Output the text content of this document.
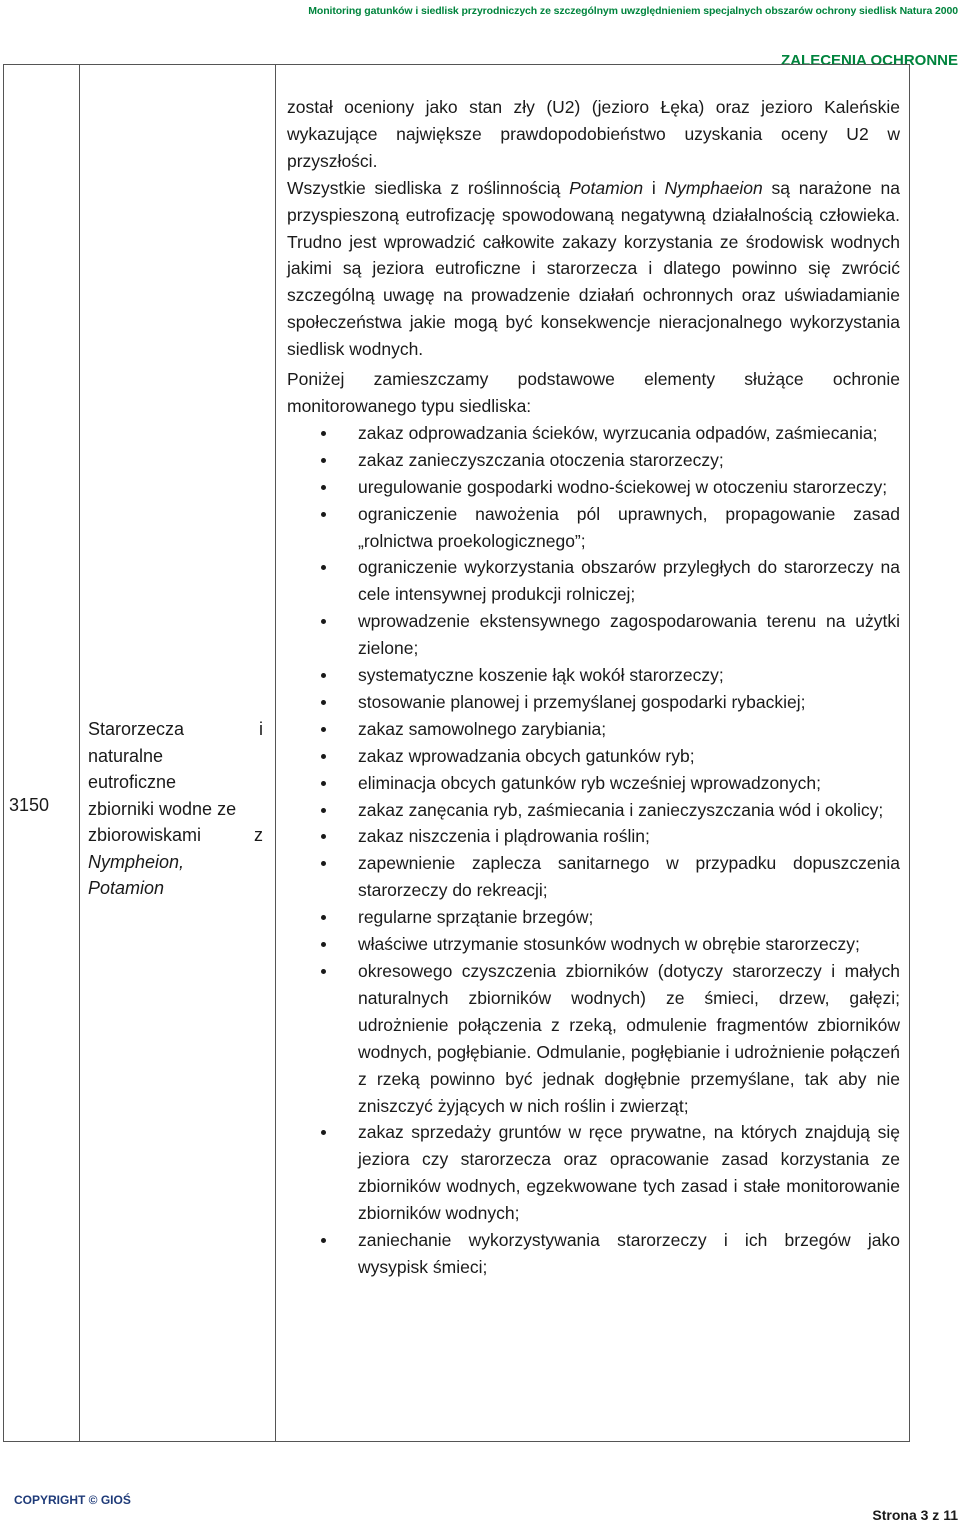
Monitoring gatunków i siedlisk przyrodniczych ze szczególnym uwzględnieniem specjalnych obszarów ochrony siedlisk Natura 2000
ZALECENIA OCHRONNE
3150
Starorzecza	i
naturalne
eutroficzne
zbiorniki wodne ze
zbiorowiskami	z
Nympheion,
Potamion

został oceniony jako stan zły (U2) (jezioro Łęka) oraz jezioro Kaleńskie wykazujące największe prawdopodobieństwo uzyskania oceny U2 w przyszłości.

Wszystkie siedliska z roślinnością Potamion i Nymphaeion są narażone na przyspieszoną eutrofizację spowodowaną negatywną działalnością człowieka. Trudno jest wprowadzić całkowite zakazy korzystania ze środowisk wodnych jakimi są jeziora eutroficzne i starorzecza i dlatego powinno się zwrócić szczególną uwagę na prowadzenie działań ochronnych oraz uświadamianie społeczeństwa jakie mogą być konsekwencje nieracjonalnego wykorzystania siedlisk wodnych.

Poniżej zamieszczamy podstawowe elementy służące ochronie monitorowanego typu siedliska:

zakaz odprowadzania ścieków, wyrzucania odpadów, zaśmiecania;
zakaz zanieczyszczania otoczenia starorzeczy;
uregulowanie gospodarki wodno-ściekowej w otoczeniu starorzeczy;
ograniczenie nawożenia pól uprawnych, propagowanie zasad „rolnictwa proekologicznego”;
ograniczenie wykorzystania obszarów przyległych do starorzeczy na cele intensywnej produkcji rolniczej;
wprowadzenie ekstensywnego zagospodarowania terenu na użytki zielone;
systematyczne koszenie łąk wokół starorzeczy;
stosowanie planowej i przemyślanej gospodarki rybackiej;
zakaz samowolnego zarybiania;
zakaz wprowadzania obcych gatunków ryb;
eliminacja obcych gatunków ryb wcześniej wprowadzonych;
zakaz zanęcania ryb, zaśmiecania i zanieczyszczania wód i okolicy;
zakaz niszczenia i plądrowania roślin;
zapewnienie zaplecza sanitarnego w przypadku dopuszczenia starorzeczy do rekreacji;
regularne sprzątanie brzegów;
właściwe utrzymanie stosunków wodnych w obrębie starorzeczy;
okresowego czyszczenia zbiorników (dotyczy starorzeczy i małych naturalnych zbiorników wodnych) ze śmieci, drzew, gałęzi; udrożnienie połączenia z rzeką, odmulenie fragmentów zbiorników wodnych, pogłębianie. Odmulanie, pogłębianie i udrożnienie połączeń z rzeką powinno być jednak dogłębnie przemyślane, tak aby nie zniszczyć żyjących w nich roślin i zwierząt;
zakaz sprzedaży gruntów w ręce prywatne, na których znajdują się jeziora czy starorzecza oraz opracowanie zasad korzystania ze zbiorników wodnych, egzekwowane tych zasad i stałe monitorowanie zbiorników wodnych;
zaniechanie wykorzystywania starorzeczy i ich brzegów jako wysypisk śmieci;
COPYRIGHT © GIOŚ
Strona 3 z 11
